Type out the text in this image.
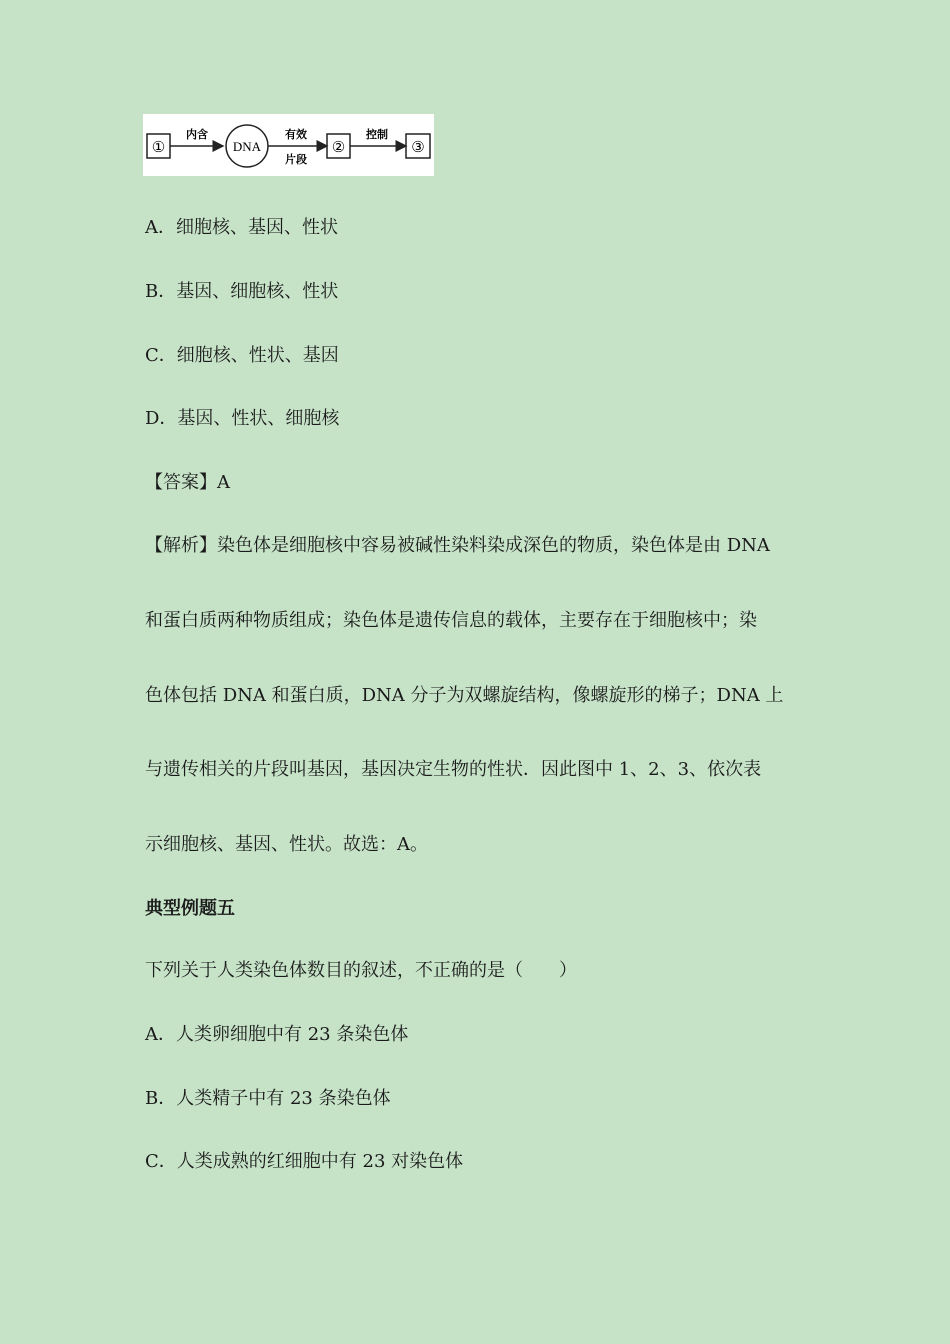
①
内含
DNA
有效
片段
②
控制
③
A．细胞核、基因、性状
B．基因、细胞核、性状
C．细胞核、性状、基因
D．基因、性状、细胞核
【答案】A
【解析】染色体是细胞核中容易被碱性染料染成深色的物质，染色体是由 DNA
和蛋白质两种物质组成；染色体是遗传信息的载体，主要存在于细胞核中；染
色体包括 DNA 和蛋白质，DNA 分子为双螺旋结构，像螺旋形的梯子；DNA 上
与遗传相关的片段叫基因，基因决定生物的性状．因此图中 1、2、3、依次表
示细胞核、基因、性状。故选：A。
典型例题五
下列关于人类染色体数目的叙述，不正确的是（　　）
A．人类卵细胞中有 23 条染色体
B．人类精子中有 23 条染色体
C．人类成熟的红细胞中有 23 对染色体
